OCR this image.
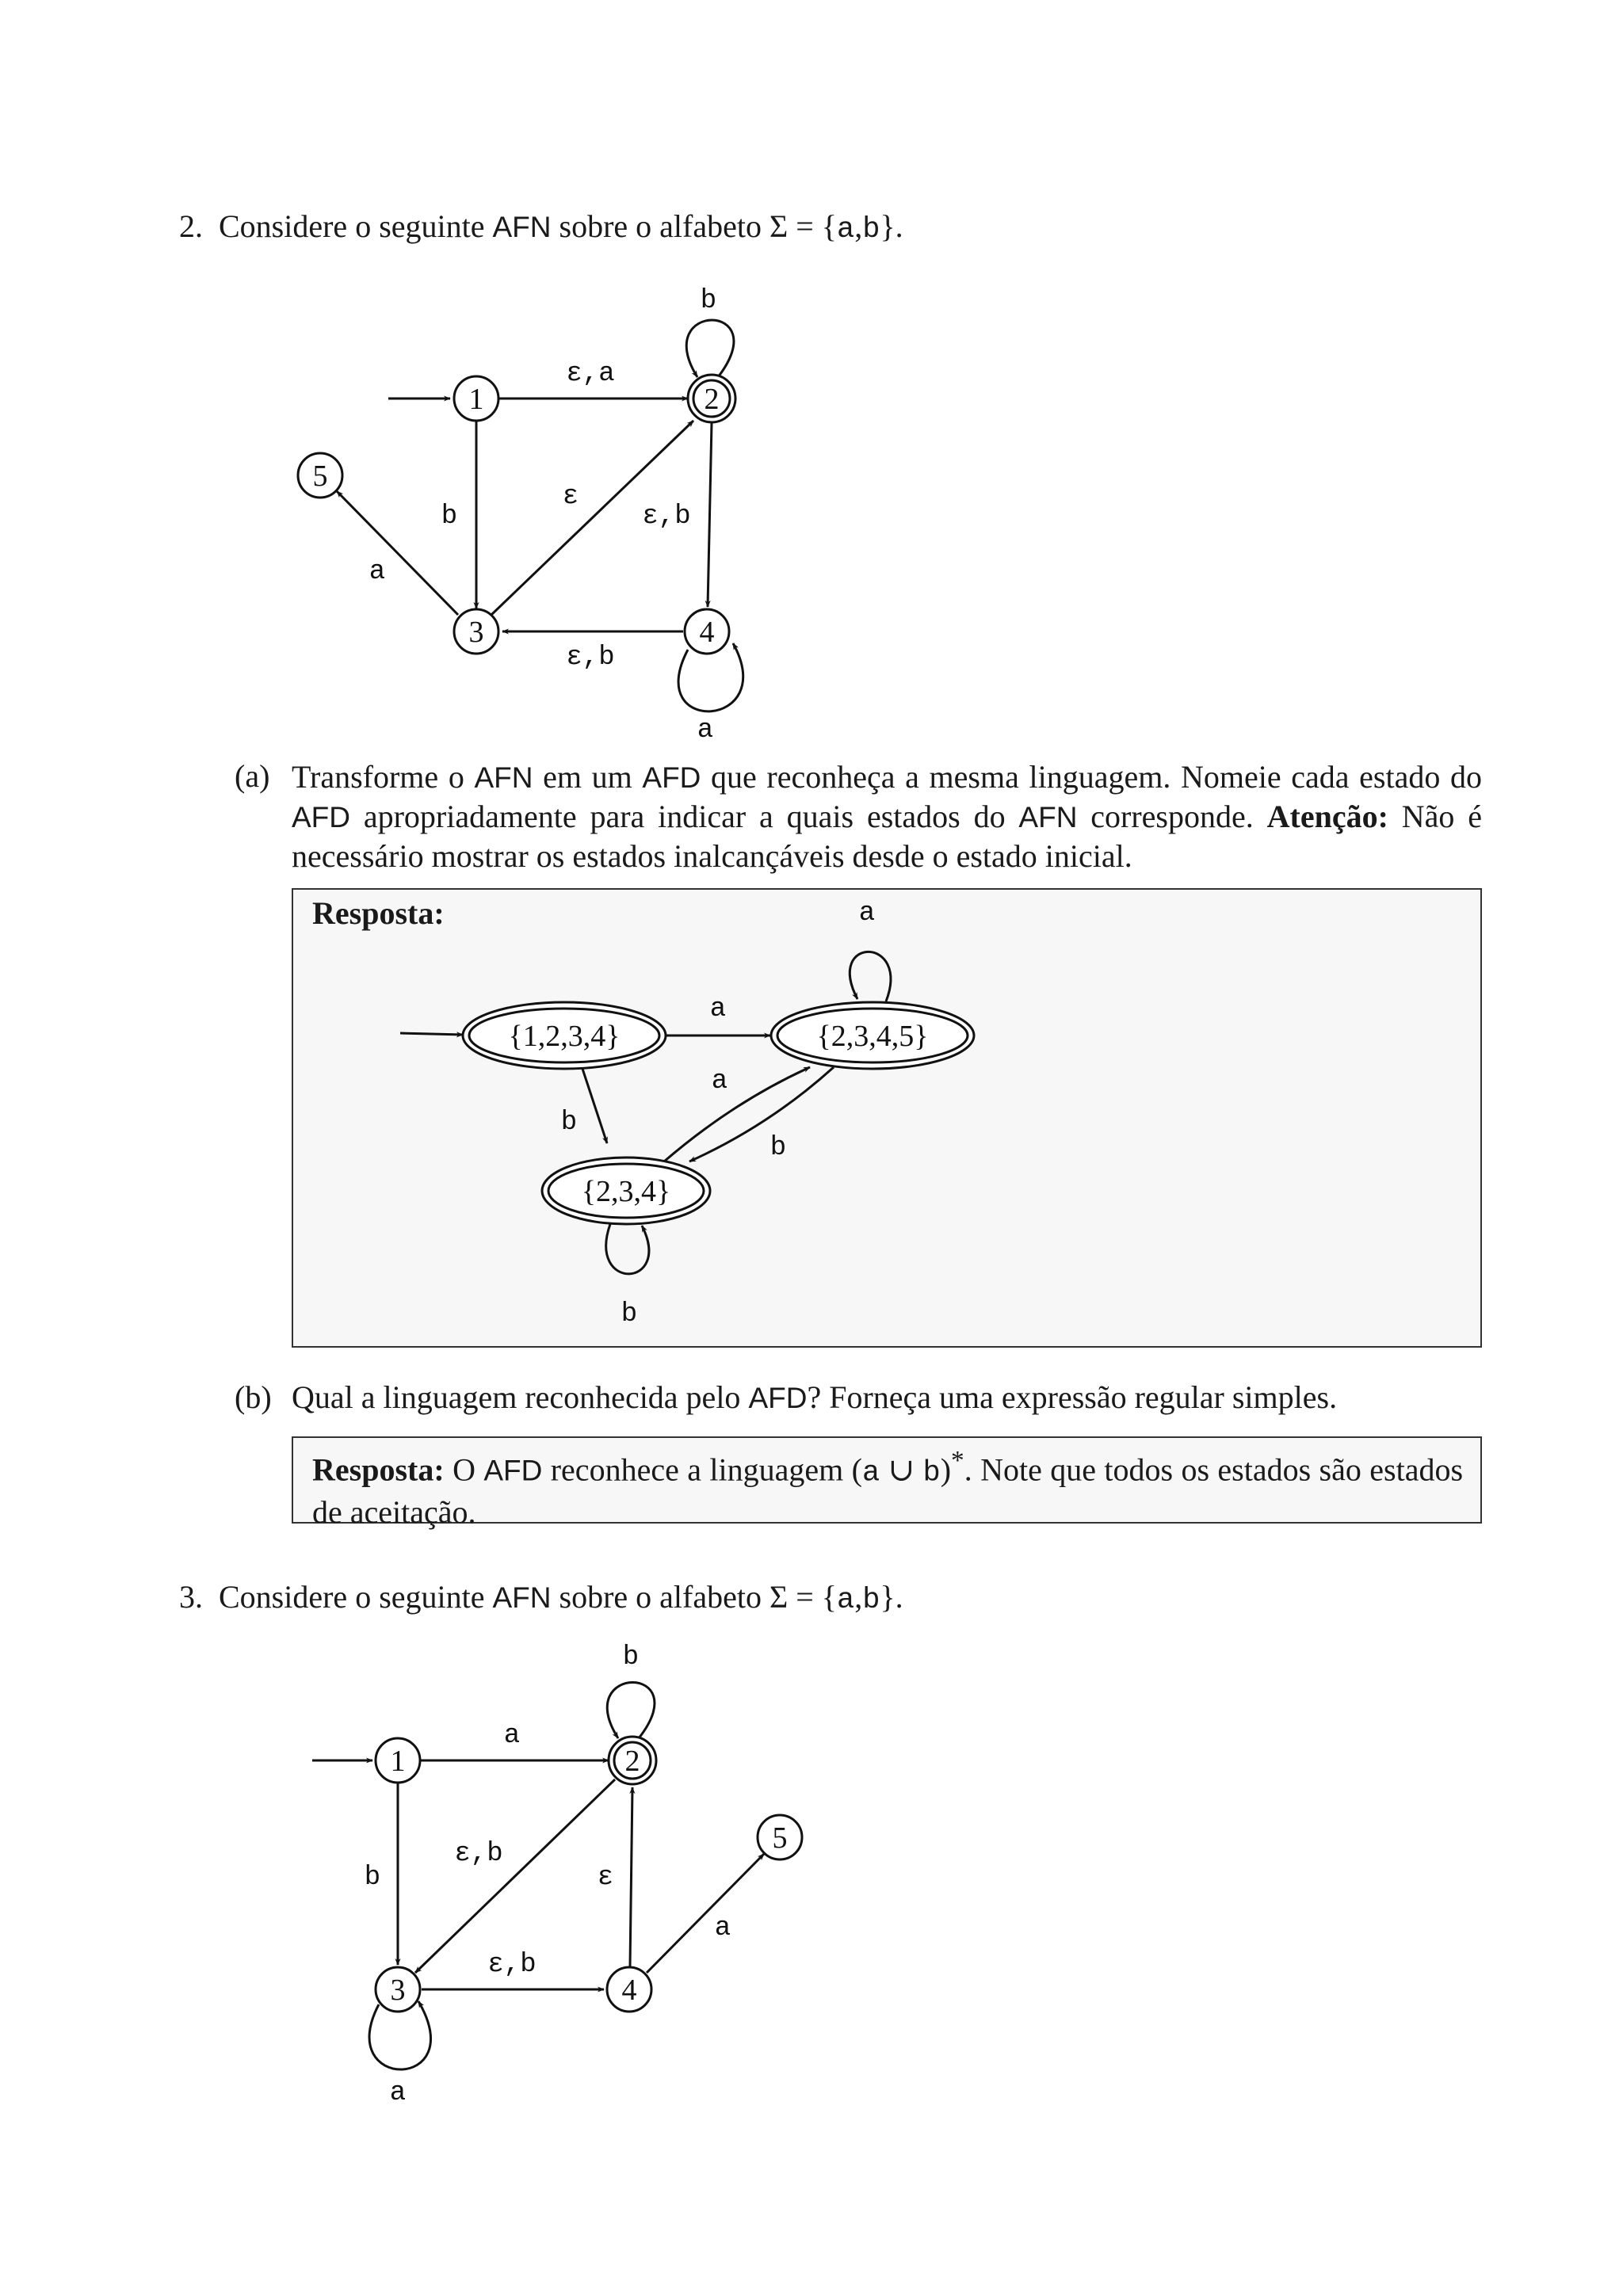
2. Considere o seguinte AFN sobre o alfabeto Σ = {a,b}.
1	2
3	4
5
ε,a
b
b
ε
ε,b
ε,b
a
a
(a) Transforme o AFN em um AFD que reconheça a mesma linguagem. Nomeie cada estado do AFD apropriadamente para indicar a quais estados do AFN corresponde. Atenção: Não é necessário mostrar os estados inalcançáveis desde o estado inicial.
Resposta:
{1,2,3,4}	{2,3,4,5}
{2,3,4}
a
a
b
a
b
b
(b) Qual a linguagem reconhecida pelo AFD? Forneça uma expressão regular simples.
Resposta: O AFD reconhece a linguagem (a ∪ b)*. Note que todos os estados são estados de aceitação.
3. Considere o seguinte AFN sobre o alfabeto Σ = {a,b}.
1	2
3	4
5
a
b
b
ε,b
ε
ε,b
a
a
